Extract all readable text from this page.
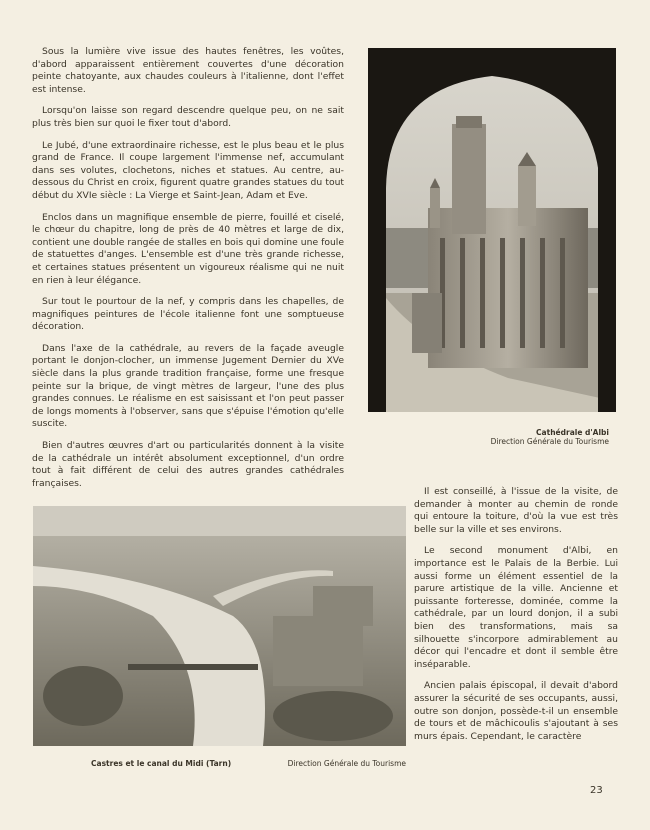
Sous la lumière vive issue des hautes fenêtres, les voûtes, d'abord apparaissent entièrement couvertes d'une décoration peinte chatoyante, aux chaudes couleurs à l'italienne, dont l'effet est intense.

Lorsqu'on laisse son regard descendre quelque peu, on ne sait plus très bien sur quoi le fixer tout d'abord.

Le Jubé, d'une extraordinaire richesse, est le plus beau et le plus grand de France. Il coupe largement l'immense nef, accumulant dans ses volutes, clochetons, niches et statues. Au centre, au-dessous du Christ en croix, figurent quatre grandes statues du tout début du XVIe siècle : La Vierge et Saint-Jean, Adam et Eve.

Enclos dans un magnifique ensemble de pierre, fouillé et ciselé, le chœur du chapitre, long de près de 40 mètres et large de dix, contient une double rangée de stalles en bois qui domine une foule de statuettes d'anges. L'ensemble est d'une très grande richesse, et certaines statues présentent un vigoureux réalisme qui ne nuit en rien à leur élégance.

Sur tout le pourtour de la nef, y compris dans les chapelles, de magnifiques peintures de l'école italienne font une somptueuse décoration.

Dans l'axe de la cathédrale, au revers de la façade aveugle portant le donjon-clocher, un immense Jugement Dernier du XVe siècle dans la plus grande tradition française, forme une fresque peinte sur la brique, de vingt mètres de largeur, l'une des plus grandes connues. Le réalisme en est saisissant et l'on peut passer de longs moments à l'observer, sans que s'épuise l'émotion qu'elle suscite.

Bien d'autres œuvres d'art ou particularités donnent à la visite de la cathédrale un intérêt absolument exceptionnel, d'un ordre tout à fait différent de celui des autres grandes cathédrales françaises.

Cathédrale d'Albi
Direction Générale du Tourisme

Il est conseillé, à l'issue de la visite, de demander à monter au chemin de ronde qui entoure la toiture, d'où la vue est très belle sur la ville et ses environs.

Le second monument d'Albi, en importance est le Palais de la Berbie. Lui aussi forme un élément essentiel de la parure artistique de la ville. Ancienne et puissante forteresse, dominée, comme la cathédrale, par un lourd donjon, il a subi bien des transformations, mais sa silhouette s'incorpore admirablement au décor qui l'encadre et dont il semble être inséparable.

Ancien palais épiscopal, il devait d'abord assurer la sécurité de ses occupants, aussi, outre son donjon, possède-t-il un ensemble de tours et de mâchicoulis s'ajoutant à ses murs épais. Cependant, le caractère

Castres et le canal du Midi (Tarn)	Direction Générale du Tourisme
23
